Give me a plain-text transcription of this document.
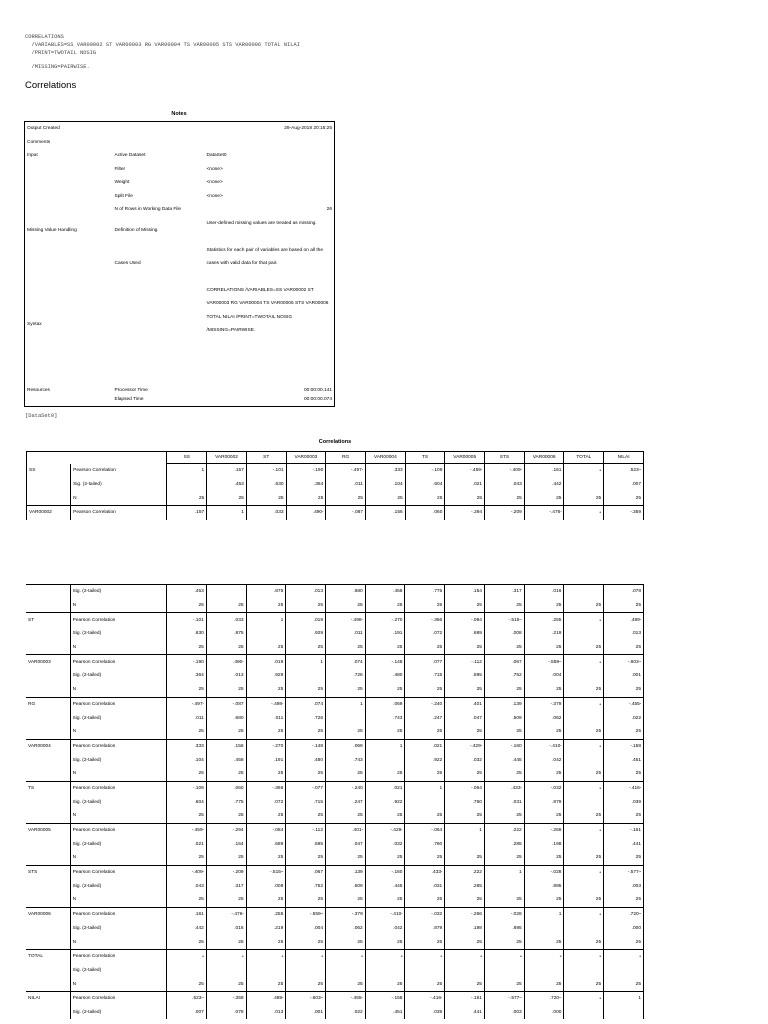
CORRELATIONS
/VARIABLES=SS VAR00002 ST VAR00003 RG VAR00004 TS VAR00005 STS VAR00006 TOTAL NILAI
/PRINT=TWOTAIL NOSIG
/MISSING=PAIRWISE.
Correlations
Notes
Output Created		29-Aug-2018 20:15:25
Comments		
Input	Active Dataset	DataSet0
	Filter	<none>
	Weight	<none>
	Split File	<none>
	N of Rows in Working Data File	26
Missing Value Handling	Definition of Missing	User-defined missing values are treated as missing.
	Cases Used	Statistics for each pair of variables are based on all the cases with valid data for that pair.
Syntax		CORRELATIONS /VARIABLES=SS VAR00002 ST VAR00003 RG VAR00004 TS VAR00005 STS VAR00006 TOTAL NILAI /PRINT=TWOTAIL NOSIG /MISSING=PAIRWISE.
Resources	Processor Time	00:00:00.141
	Elapsed Time	00:00:00.074
[DataSet0]
Correlations
		SS	VAR00002	ST	VAR00003	RG	VAR00004	TS	VAR00005	STS	VAR00006	TOTAL	NILAI
SS	Pearson Correlation	1	.157	-.101	-.190	-.497*	.333	-.109	-.459*	-.409*	.161	$^a$	.523**
	Sig. (2-tailed)		.453	.630	.364	.011	.104	.604	.021	.043	.442		.007
	N	25	25	25	25	25	25	25	25	25	25	25	25
VAR00002	Pearson Correlation	.157	1	.033	.490*	-.087	.156	.060	-.294	-.209	-.476*	$^a$	-.359
	Sig. (2-tailed)	.453		.875	.013	.680	.458	.775	.154	.317	.016		.078
	N	25	25	25	25	25	25	25	25	25	25	25	25
ST	Pearson Correlation	-.101	.033	1	.019	-.498*	-.270	-.366	-.084	-.515**	.255	$^a$	.489*
	Sig. (2-tailed)	.630	.875		.929	.011	.191	.072	.689	.008	.219		.013
	N	25	25	25	25	25	25	25	25	25	25	25	25
VAR00003	Pearson Correlation	-.190	.490*	.019	1	.074	-.148	.077	-.112	.067	-.559**	$^a$	-.603**
	Sig. (2-tailed)	.364	.013	.929		.726	.480	.715	.595	.752	.004		.001
	N	25	25	25	25	25	25	25	25	25	25	25	25
RG	Pearson Correlation	-.497*	-.087	-.498*	.074	1	.069	-.240	.401	.139	-.379	$^a$	-.455*
	Sig. (2-tailed)	.011	.680	.011	.726		.743	.247	.047	.509	.062		.022
	N	25	25	25	25	25	25	25	25	25	25	25	25
VAR00004	Pearson Correlation	.333	.156	-.270	-.148	.069	1	.021	-.429*	-.160	-.410*	$^a$	-.158
	Sig. (2-tailed)	.104	.458	.191	.480	.743		.922	.032	.445	.042		.451
	N	25	25	25	25	25	25	25	25	25	25	25	25
TS	Pearson Correlation	-.109	.060	-.366	-.077	-.240	.021	1	-.064	.433*	-.032	$^a$	-.416*
	Sig. (2-tailed)	.604	.775	.072	.715	.247	.922		.760	.031	.879		.039
	N	25	25	25	25	25	25	25	25	25	25	25	25
VAR00005	Pearson Correlation	-.459*	-.294	-.084	-.112	.401*	-.429*	-.064	1	.222	-.266	$^a$	-.161
	Sig. (2-tailed)	.021	.154	.689	.595	.047	.032	.760		.285	.198		.441
	N	25	25	25	25	25	25	25	25	25	25	25	25
STS	Pearson Correlation	-.409*	-.209	-.515**	.067	.139	-.160	.433*	.222	1	-.028	$^a$	-.577**
	Sig. (2-tailed)	.043	.317	.008	.752	.509	.445	.031	.285		.895		.003
	N	25	25	25	25	25	25	25	25	25	25	25	25
VAR00006	Pearson Correlation	.161	-.476*	.255	-.559**	-.379	-.410*	-.032	-.266	-.028	1	$^a$	.720**
	Sig. (2-tailed)	.442	.016	.219	.004	.062	.042	.879	.198	.895			.000
	N	25	25	25	25	25	25	25	25	25	25	25	25
TOTAL	Pearson Correlation	$^a$	$^a$	$^a$	$^a$	$^a$	$^a$	$^a$	$^a$	$^a$	$^a$	$^a$	$^a$
	Sig. (2-tailed)												
	N	25	25	25	25	25	25	25	25	25	25	25	25
NILAI	Pearson Correlation	.523**	-.359	.489*	-.603**	-.455*	-.158	-.416*	-.161	-.577**	.720**	$^a$	1
	Sig. (2-tailed)	.007	.078	.013	.001	.022	.451	.039	.441	.003	.000		
